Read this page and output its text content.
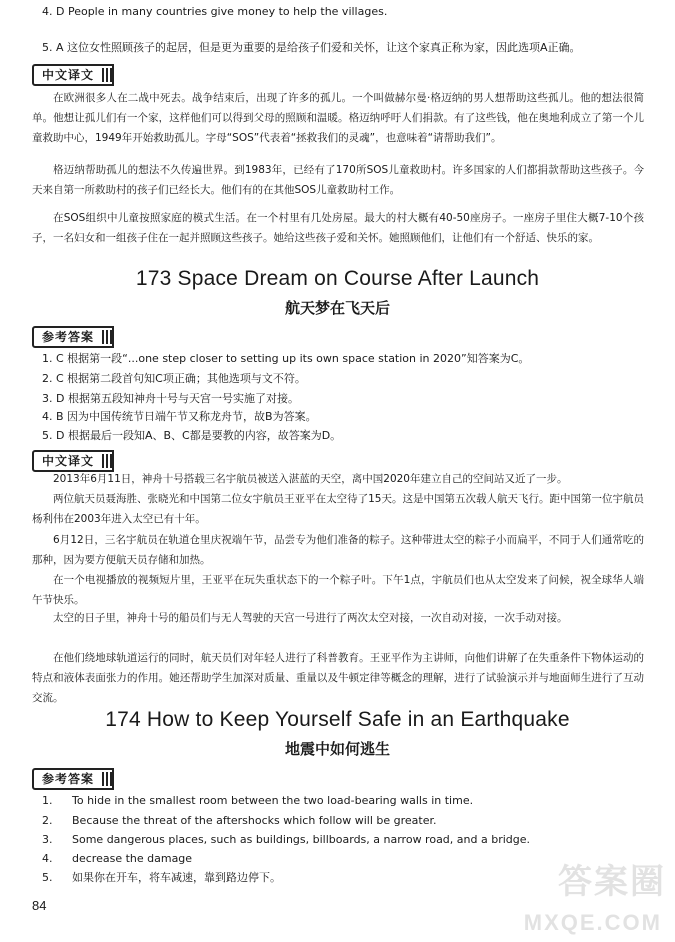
4. D People in many countries give money to help the villages.
5. A 这位女性照顾孩子的起居，但是更为重要的是给孩子们爱和关怀，让这个家真正称为家，因此选项A正确。
中文译文
在欧洲很多人在二战中死去。战争结束后，出现了许多的孤儿。一个叫做赫尔曼·格迈纳的男人想帮助这些孤儿。他的想法很简单。他想让孤儿们有一个家，这样他们可以得到父母的照顾和温暖。格迈纳呼吁人们捐款。有了这些钱，他在奥地利成立了第一个儿童救助中心，1949年开始救助孤儿。字母“SOS”代表着“拯救我们的灵魂”，也意味着“请帮助我们”。
格迈纳帮助孤儿的想法不久传遍世界。到1983年，已经有了170所SOS儿童救助村。许多国家的人们都捐款帮助这些孩子。今天来自第一所救助村的孩子们已经长大。他们有的在其他SOS儿童救助村工作。
在SOS组织中儿童按照家庭的模式生活。在一个村里有几处房屋。最大的村大概有40-50座房子。一座房子里住大概7-10个孩子，一名妇女和一组孩子住在一起并照顾这些孩子。她给这些孩子爱和关怀。她照顾他们，让他们有一个舒适、快乐的家。
173 Space Dream on Course After Launch
航天梦在飞天后
参考答案
1. C 根据第一段“...one step closer to setting up its own space station in 2020”知答案为C。
2. C 根据第二段首句知C项正确；其他选项与文不符。
3. D 根据第五段知神舟十号与天宫一号实施了对接。
4. B 因为中国传统节日端午节又称龙舟节，故B为答案。
5. D 根据最后一段知A、B、C都是要教的内容，故答案为D。
中文译文
2013年6月11日，神舟十号搭载三名宇航员被送入湛蓝的天空，离中国2020年建立自己的空间站又近了一步。
两位航天员聂海胜、张晓光和中国第二位女宇航员王亚平在太空待了15天。这是中国第五次载人航天飞行。距中国第一位宇航员杨利伟在2003年进入太空已有十年。
6月12日，三名宇航员在轨道仓里庆祝端午节，品尝专为他们准备的粽子。这种带进太空的粽子小而扁平，不同于人们通常吃的那种，因为要方便航天员存储和加热。
在一个电视播放的视频短片里，王亚平在玩失重状态下的一个粽子叶。下午1点，宇航员们也从太空发来了问候，祝全球华人端午节快乐。
太空的日子里，神舟十号的船员们与无人驾驶的天宫一号进行了两次太空对接，一次自动对接，一次手动对接。
在他们绕地球轨道运行的同时，航天员们对年轻人进行了科普教育。王亚平作为主讲师，向他们讲解了在失重条件下物体运动的特点和液体表面张力的作用。她还帮助学生加深对质量、重量以及牛顿定律等概念的理解，进行了试验演示并与地面师生进行了互动交流。
174 How to Keep Yourself Safe in an Earthquake
地震中如何逃生
参考答案
1. To hide in the smallest room between the two load-bearing walls in time.
2. Because the threat of the aftershocks which follow will be greater.
3. Some dangerous places, such as buildings, billboards, a narrow road, and a bridge.
4. decrease the damage
5. 如果你在开车，将车减速，靠到路边停下。
84
答案圈
MXQE.COM
